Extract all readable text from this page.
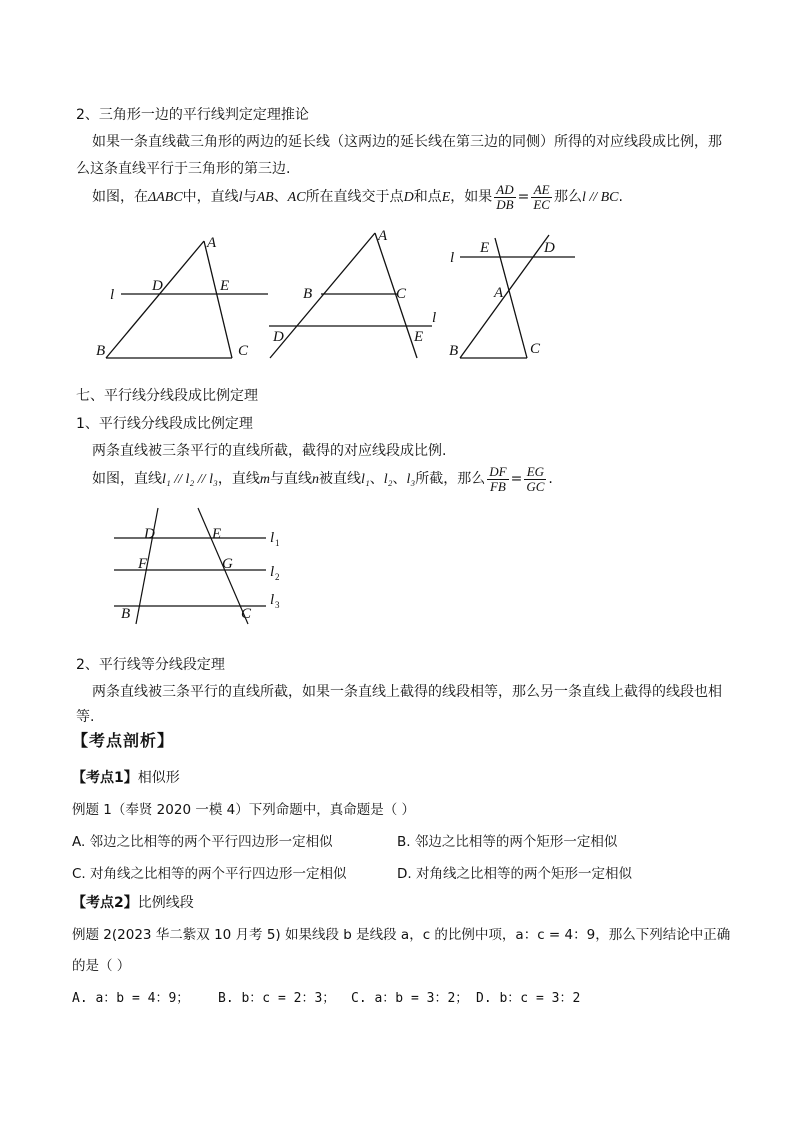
2、三角形一边的平行线判定定理推论
如果一条直线截三角形的两边的延长线（这两边的延长线在第三边的同侧）所得的对应线段成比例，那
么这条直线平行于三角形的第三边.
如图，在ΔABC中，直线l与AB、AC所在直线交于点D和点E，如果 $\frac{AD}{DB} = \frac{AE}{EC}$ 那么l // BC.
A
B	C
D	E
l
A
B	C
D	E
l
l
E	D
A
B	C
七、平行线分线段成比例定理
1、平行线分线段成比例定理
两条直线被三条平行的直线所截，截得的对应线段成比例.
如图，直线l₁ // l₂ // l₃，直线m与直线n被直线l₁、l₂、l₃所截，那么 $\frac{DF}{FB} = \frac{EG}{GC}$ .
D	E
F	G
B	C
l 1
l 2
l 3
2、平行线等分线段定理
两条直线被三条平行的直线所截，如果一条直线上截得的线段相等，那么另一条直线上截得的线段也相
等.
【考点剖析】
【考点1】相似形
例题 1（奉贤 2020 一模 4）下列命题中，真命题是（ ）
A. 邻边之比相等的两个平行四边形一定相似	B. 邻边之比相等的两个矩形一定相似
C. 对角线之比相等的两个平行四边形一定相似	D. 对角线之比相等的两个矩形一定相似
【考点2】比例线段
例题 2(2023 华二紫双 10 月考 5) 如果线段 b 是线段 a，c 的比例中项，a：c = 4：9，那么下列结论中正确
的是（ ）
A. a：b = 4：9； B. b：c = 2：3； C. a：b = 3：2； D. b：c = 3：2
